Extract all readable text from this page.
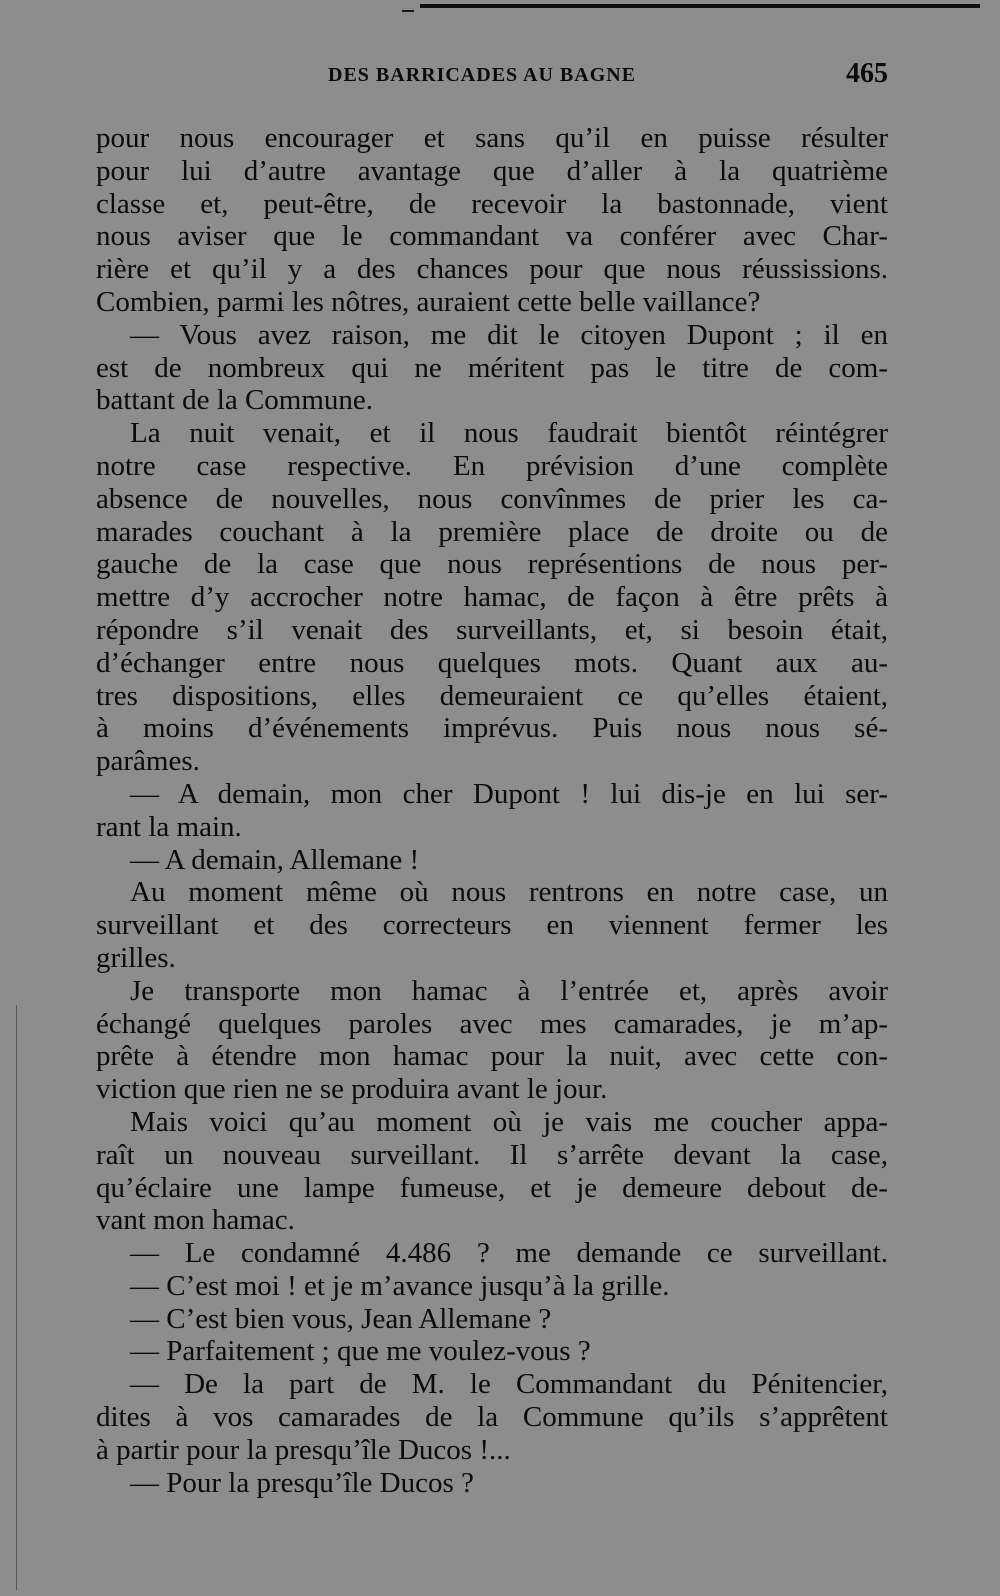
DES BARRICADES AU BAGNE	465
pour nous encourager et sans qu’il en puisse résulter
pour lui d’autre avantage que d’aller à la quatrième
classe et, peut-être, de recevoir la bastonnade, vient
nous aviser que le commandant va conférer avec Char-
rière et qu’il y a des chances pour que nous réussissions.
Combien, parmi les nôtres, auraient cette belle vaillance?
— Vous avez raison, me dit le citoyen Dupont ; il en
est de nombreux qui ne méritent pas le titre de com-
battant de la Commune.
La nuit venait, et il nous faudrait bientôt réintégrer
notre case respective. En prévision d’une complète
absence de nouvelles, nous convînmes de prier les ca-
marades couchant à la première place de droite ou de
gauche de la case que nous représentions de nous per-
mettre d’y accrocher notre hamac, de façon à être prêts à
répondre s’il venait des surveillants, et, si besoin était,
d’échanger entre nous quelques mots. Quant aux au-
tres dispositions, elles demeuraient ce qu’elles étaient,
à moins d’événements imprévus. Puis nous nous sé-
parâmes.
— A demain, mon cher Dupont ! lui dis-je en lui ser-
rant la main.
— A demain, Allemane !
Au moment même où nous rentrons en notre case, un
surveillant et des correcteurs en viennent fermer les
grilles.
Je transporte mon hamac à l’entrée et, après avoir
échangé quelques paroles avec mes camarades, je m’ap-
prête à étendre mon hamac pour la nuit, avec cette con-
viction que rien ne se produira avant le jour.
Mais voici qu’au moment où je vais me coucher appa-
raît un nouveau surveillant. Il s’arrête devant la case,
qu’éclaire une lampe fumeuse, et je demeure debout de-
vant mon hamac.
— Le condamné 4.486 ? me demande ce surveillant.
— C’est moi ! et je m’avance jusqu’à la grille.
— C’est bien vous, Jean Allemane ?
— Parfaitement ; que me voulez-vous ?
— De la part de M. le Commandant du Pénitencier,
dites à vos camarades de la Commune qu’ils s’apprêtent
à partir pour la presqu’île Ducos !...
— Pour la presqu’île Ducos ?
